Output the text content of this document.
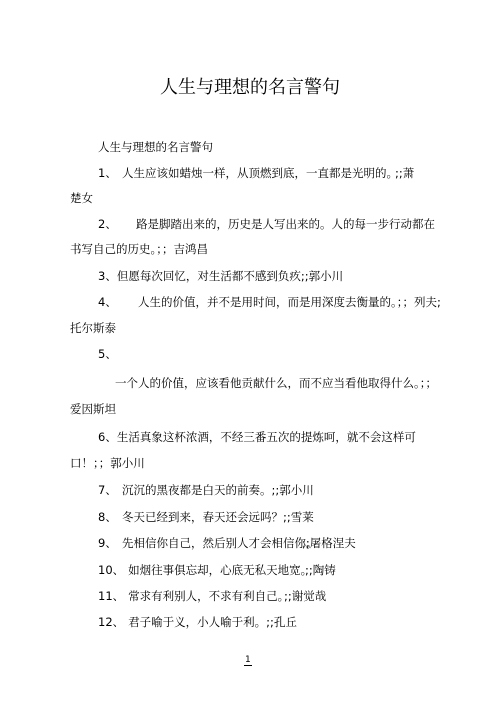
人生与理想的名言警句
人生与理想的名言警句
1、 人生应该如蜡烛一样，从顶燃到底，一直都是光明的。
;;萧
楚女
2、 路是脚踏出来的，历史是人写出来的。人的每一步行动都在
书写自己的历史。；；吉鸿昌
3、但愿每次回忆，对生活都不感到负疚;;郭小川
4、 人生的价值，并不是用时间，而是用深度去衡量的。；；列夫;
托尔斯泰
5、
一个人的价值，应该看他贡献什么，而不应当看他取得什么。；；
爱因斯坦
6、生活真象这杯浓酒，不经三番五次的提炼呵，就不会这样可
口！；；郭小川
7、 沉沉的黑夜都是白天的前奏。;;郭小川
8、 冬天已经到来，春天还会远吗？ ;;雪莱
9、 先相信你自己，然后别人才会相信你。
;;屠格涅夫
10、 如烟往事俱忘却，心底无私天地宽。
;;陶铸
11、 常求有利别人，不求有利自己。
;;谢觉哉
12、 君子喻于义，小人喻于利。;;孔丘
1
